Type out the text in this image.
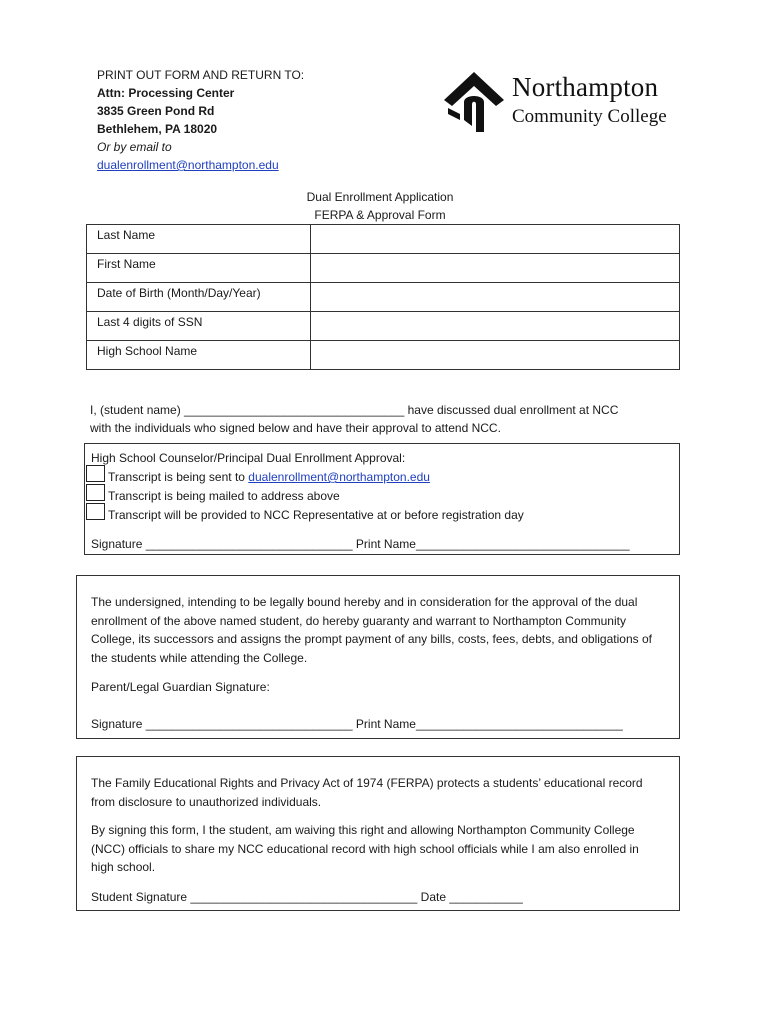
PRINT OUT FORM AND RETURN TO:
Attn: Processing Center
3835 Green Pond Rd
Bethlehem, PA 18020
Or by email to
dualenrollment@northampton.edu
Northampton
Community College
Dual Enrollment Application
FERPA & Approval Form
Last Name	
First Name	
Date of Birth (Month/Day/Year)	
Last 4 digits of SSN	
High School Name	
I, (student name) _________________________________ have discussed dual enrollment at NCC
with the individuals who signed below and have their approval to attend NCC.
High School Counselor/Principal Dual Enrollment Approval:
Transcript is being sent to dualenrollment@northampton.edu
Transcript is being mailed to address above
Transcript will be provided to NCC Representative at or before registration day
Signature _______________________________ Print Name________________________________
The undersigned, intending to be legally bound hereby and in consideration for the approval of the dual
enrollment of the above named student, do hereby guaranty and warrant to Northampton Community
College, its successors and assigns the prompt payment of any bills, costs, fees, debts, and obligations of
the students while attending the College.
Parent/Legal Guardian Signature:
Signature _______________________________ Print Name_______________________________
The Family Educational Rights and Privacy Act of 1974 (FERPA) protects a students’ educational record
from disclosure to unauthorized individuals.
By signing this form, I the student, am waiving this right and allowing Northampton Community College
(NCC) officials to share my NCC educational record with high school officials while I am also enrolled in
high school.
Student Signature __________________________________ Date ___________
